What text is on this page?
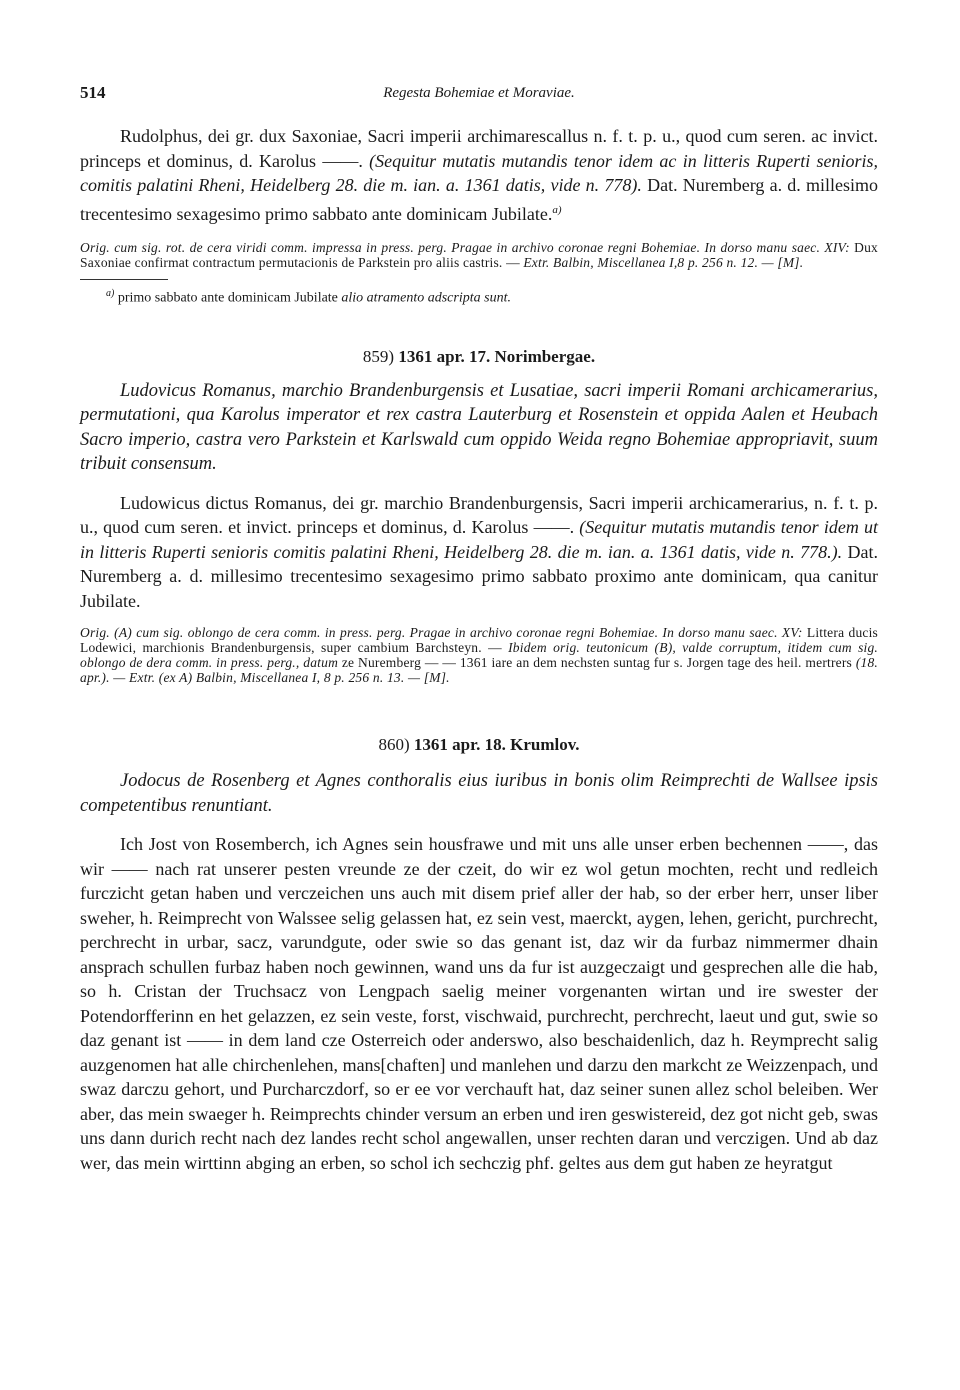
514	Regesta Bohemiae et Moraviae.

Rudolphus, dei gr. dux Saxoniae, Sacri imperii archimarescallus n. f. t. p. u., quod cum seren. ac invict. princeps et dominus, d. Karolus ——. (Sequitur mutatis mutandis tenor idem ac in litteris Ruperti senioris, comitis palatini Rheni, Heidelberg 28. die m. ian. a. 1361 datis, vide n. 778). Dat. Nuremberg a. d. millesimo trecentesimo sexagesimo primo sabbato ante dominicam Jubilate.$^{a)}$

Orig. cum sig. rot. de cera viridi comm. impressa in press. perg. Pragae in archivo coronae regni Bohemiae. In dorso manu saec. XIV: Dux Saxoniae confirmat contractum permutacionis de Parkstein pro aliis castris. — Extr. Balbin, Miscellanea I,8 p. 256 n. 12. — [M].

$^{a)}$ primo sabbato ante dominicam Jubilate alio atramento adscripta sunt.

859) 1361 apr. 17. Norimbergae.

Ludovicus Romanus, marchio Brandenburgensis et Lusatiae, sacri imperii Romani archicamerarius, permutationi, qua Karolus imperator et rex castra Lauterburg et Rosenstein et oppida Aalen et Heubach Sacro imperio, castra vero Parkstein et Karlswald cum oppido Weida regno Bohemiae appropriavit, suum tribuit consensum.

Ludowicus dictus Romanus, dei gr. marchio Brandenburgensis, Sacri imperii archicamerarius, n. f. t. p. u., quod cum seren. et invict. princeps et dominus, d. Karolus ——. (Sequitur mutatis mutandis tenor idem ut in litteris Ruperti senioris comitis palatini Rheni, Heidelberg 28. die m. ian. a. 1361 datis, vide n. 778.). Dat. Nuremberg a. d. millesimo trecentesimo sexagesimo primo sabbato proximo ante dominicam, qua canitur Jubilate.

Orig. (A) cum sig. oblongo de cera comm. in press. perg. Pragae in archivo coronae regni Bohemiae. In dorso manu saec. XV: Littera ducis Lodewici, marchionis Brandenburgensis, super cambium Barchsteyn. — Ibidem orig. teutonicum (B), valde corruptum, itidem cum sig. oblongo de dera comm. in press. perg., datum ze Nuremberg — — 1361 iare an dem nechsten suntag fur s. Jorgen tage des heil. mertrers (18. apr.). — Extr. (ex A) Balbin, Miscellanea I, 8 p. 256 n. 13. — [M].

860) 1361 apr. 18. Krumlov.

Jodocus de Rosenberg et Agnes conthoralis eius iuribus in bonis olim Reimprechti de Wallsee ipsis competentibus renuntiant.

Ich Jost von Rosemberch, ich Agnes sein housfrawe und mit uns alle unser erben bechennen ——, das wir —— nach rat unserer pesten vreunde ze der czeit, do wir ez wol getun mochten, recht und redleich furczicht getan haben und verczeichen uns auch mit disem prief aller der hab, so der erber herr, unser liber sweher, h. Reimprecht von Walssee selig gelassen hat, ez sein vest, maerckt, aygen, lehen, gericht, purchrecht, perchrecht in urbar, sacz, varundgute, oder swie so das genant ist, daz wir da furbaz nimmermer dhain ansprach schullen furbaz haben noch gewinnen, wand uns da fur ist auzgeczaigt und gesprechen alle die hab, so h. Cristan der Truchsacz von Lengpach saelig meiner vorgenanten wirtan und ire swester der Potendorfferinn en het gelazzen, ez sein veste, forst, vischwaid, purchrecht, perchrecht, laeut und gut, swie so daz genant ist —— in dem land cze Osterreich oder anderswo, also beschaidenlich, daz h. Reymprecht salig auzgenomen hat alle chirchenlehen, mans[chaften] und manlehen und darzu den markcht ze Weizzenpach, und swaz darczu gehort, und Purcharczdorf, so er ee vor verchauft hat, daz seiner sunen allez schol beleiben. Wer aber, das mein swaeger h. Reimprechts chinder versum an erben und iren geswistereid, dez got nicht geb, swas uns dann durich recht nach dez landes recht schol angewallen, unser rechten daran und verczigen. Und ab daz wer, das mein wirttinn abging an erben, so schol ich sechczig phf. geltes aus dem gut haben ze heyratgut
